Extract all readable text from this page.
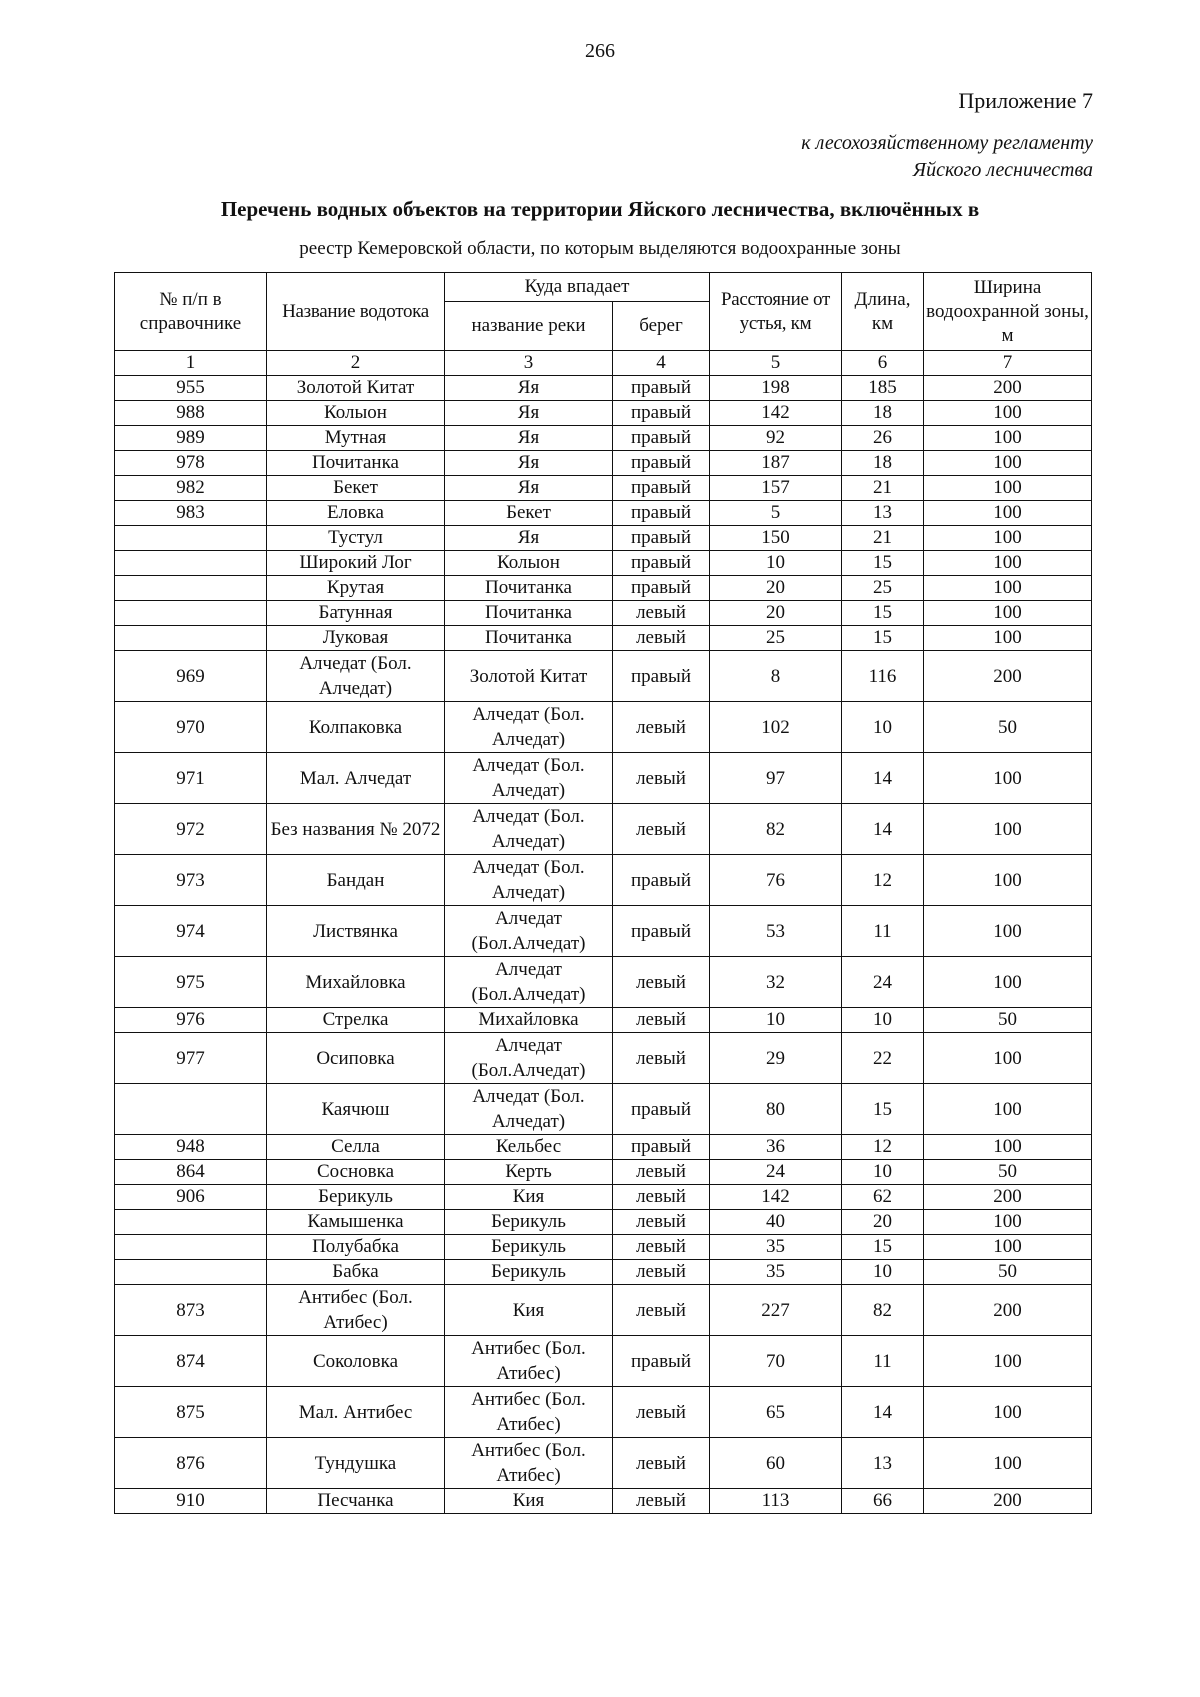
266
Приложение 7
к лесохозяйственному регламенту
Яйского лесничества
Перечень водных объектов на территории Яйского лесничества, включённых в
реестр Кемеровской области, по которым выделяются водоохранные зоны
№ п/п в справочнике	Название водотока	Куда впадает		Расстояние от устья, км	Длина, км	Ширина водоохранной зоны, м
		название реки	берег			
1	2	3	4	5	6	7
955	Золотой Китат	Яя	правый	198	185	200
988	Колыон	Яя	правый	142	18	100
989	Мутная	Яя	правый	92	26	100
978	Почитанка	Яя	правый	187	18	100
982	Бекет	Яя	правый	157	21	100
983	Еловка	Бекет	правый	5	13	100
	Тустул	Яя	правый	150	21	100
	Широкий Лог	Колыон	правый	10	15	100
	Крутая	Почитанка	правый	20	25	100
	Батунная	Почитанка	левый	20	15	100
	Луковая	Почитанка	левый	25	15	100
969	Алчедат (Бол. Алчедат)	Золотой Китат	правый	8	116	200
970	Колпаковка	Алчедат (Бол. Алчедат)	левый	102	10	50
971	Мал. Алчедат	Алчедат (Бол. Алчедат)	левый	97	14	100
972	Без названия № 2072	Алчедат (Бол. Алчедат)	левый	82	14	100
973	Бандан	Алчедат (Бол. Алчедат)	правый	76	12	100
974	Листвянка	Алчедат (Бол.Алчедат)	правый	53	11	100
975	Михайловка	Алчедат (Бол.Алчедат)	левый	32	24	100
976	Стрелка	Михайловка	левый	10	10	50
977	Осиповка	Алчедат (Бол.Алчедат)	левый	29	22	100
	Каячюш	Алчедат (Бол. Алчедат)	правый	80	15	100
948	Селла	Кельбес	правый	36	12	100
864	Сосновка	Керть	левый	24	10	50
906	Берикуль	Кия	левый	142	62	200
	Камышенка	Берикуль	левый	40	20	100
	Полубабка	Берикуль	левый	35	15	100
	Бабка	Берикуль	левый	35	10	50
873	Антибес (Бол. Атибес)	Кия	левый	227	82	200
874	Соколовка	Антибес (Бол. Атибес)	правый	70	11	100
875	Мал. Антибес	Антибес (Бол. Атибес)	левый	65	14	100
876	Тундушка	Антибес (Бол. Атибес)	левый	60	13	100
910	Песчанка	Кия	левый	113	66	200
